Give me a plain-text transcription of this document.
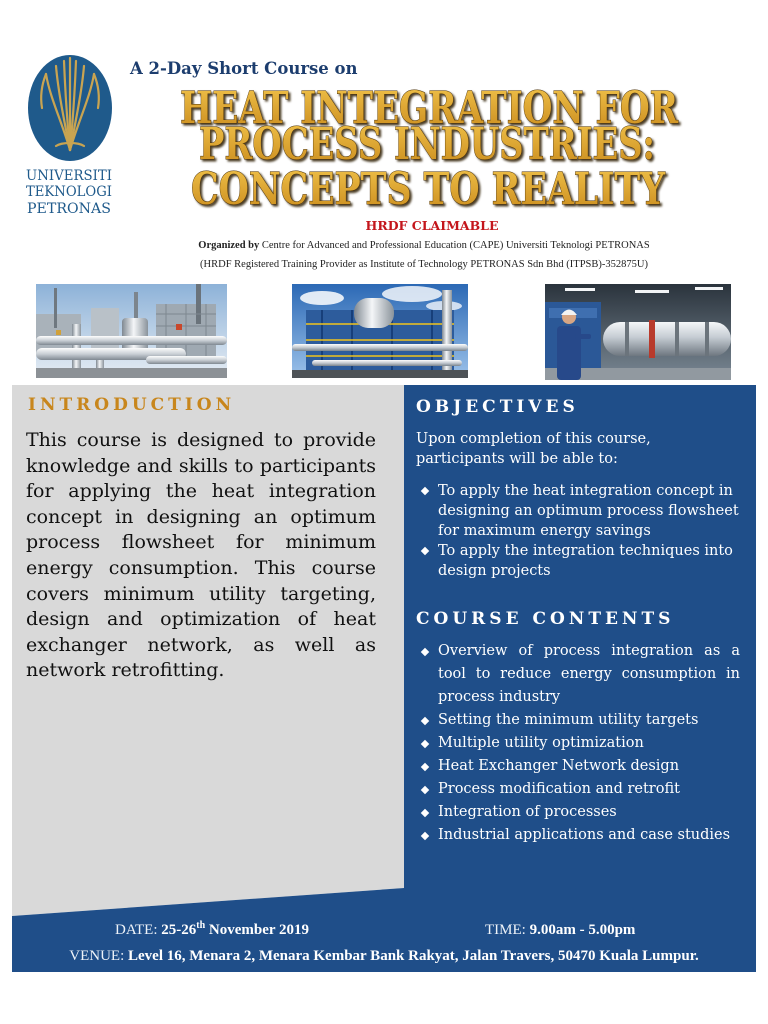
UNIVERSITI
TEKNOLOGI
PETRONAS
A 2-Day Short Course on
HEAT INTEGRATION FOR
PROCESS INDUSTRIES:
CONCEPTS TO REALITY
HRDF CLAIMABLE
Organized by Centre for Advanced and Professional Education (CAPE) Universiti Teknologi PETRONAS
(HRDF Registered Training Provider as Institute of Technology PETRONAS Sdn Bhd (ITPSB)-352875U)
INTRODUCTION
This course is designed to provide knowledge and skills to participants for applying the heat integration concept in designing an optimum process flowsheet for minimum energy consumption. This course covers minimum utility targeting, design and optimization of heat exchanger network, as well as network retrofitting.
OBJECTIVES
Upon completion of this course, participants will be able to:
To apply the heat integration concept in designing an optimum process flowsheet for maximum energy savings
To apply the integration techniques into design projects
COURSE CONTENTS
Overview of process integration as a tool to reduce energy consumption in process industry
Setting the minimum utility targets
Multiple utility optimization
Heat Exchanger Network design
Process modification and retrofit
Integration of processes
Industrial applications and case studies
DATE: 25-26th November 2019	TIME: 9.00am - 5.00pm
VENUE: Level 16, Menara 2, Menara Kembar Bank Rakyat, Jalan Travers, 50470 Kuala Lumpur.
